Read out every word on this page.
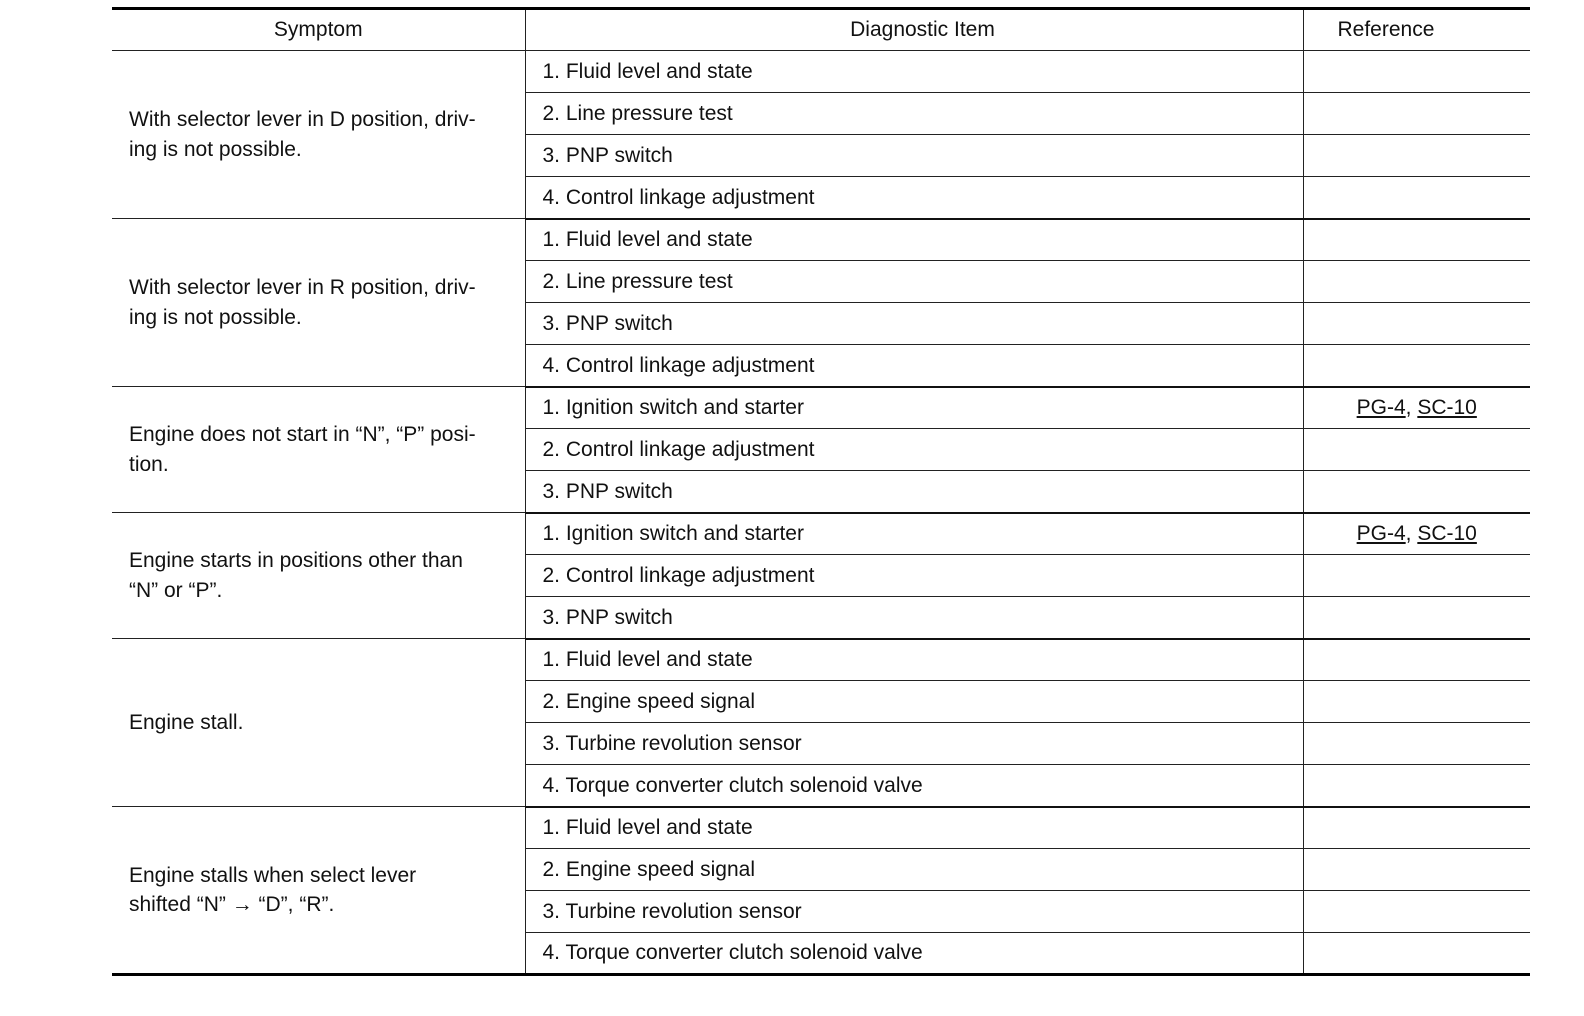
Symptom	Diagnostic Item	Reference
With selector lever in D position, driv-
ing is not possible.	1. Fluid level and state	
	2. Line pressure test	
	3. PNP switch	
	4. Control linkage adjustment	
With selector lever in R position, driv-
ing is not possible.	1. Fluid level and state	
	2. Line pressure test	
	3. PNP switch	
	4. Control linkage adjustment	
Engine does not start in “N”, “P” posi-
tion.	1. Ignition switch and starter	PG-4, SC-10
	2. Control linkage adjustment	
	3. PNP switch	
Engine starts in positions other than
“N” or “P”.	1. Ignition switch and starter	PG-4, SC-10
	2. Control linkage adjustment	
	3. PNP switch	
Engine stall.	1. Fluid level and state	
	2. Engine speed signal	
	3. Turbine revolution sensor	
	4. Torque converter clutch solenoid valve	
Engine stalls when select lever
shifted “N” → “D”, “R”.	1. Fluid level and state	
	2. Engine speed signal	
	3. Turbine revolution sensor	
	4. Torque converter clutch solenoid valve	
